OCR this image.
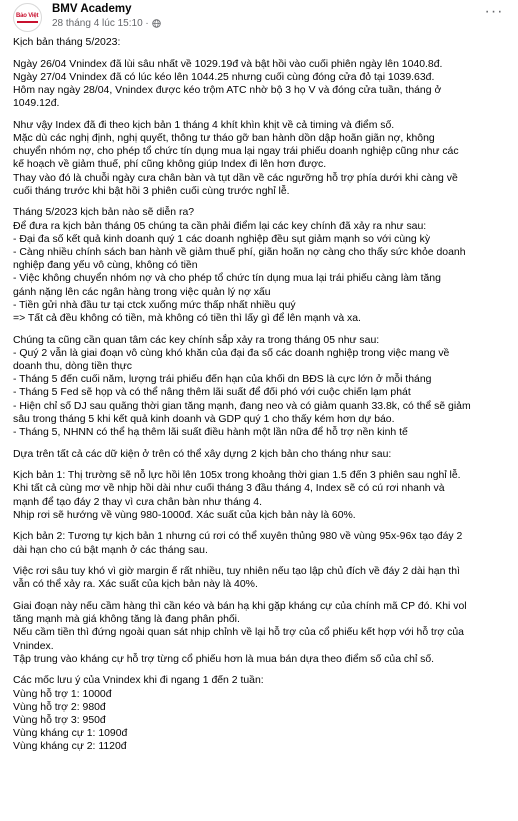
Bảo Việt
BMV Academy
28 tháng 4 lúc 15:10 ·
···
Kịch bản tháng 5/2023:
Ngày 26/04 Vnindex đã lùi sâu nhất về 1029.19đ và bật hồi vào cuối phiên ngày lên 1040.8đ.
Ngày 27/04 Vnindex đã có lúc kéo lên 1044.25 nhưng cuối cùng đóng cửa đỏ tại 1039.63đ.
Hôm nay ngày 28/04, Vnindex được kéo trộm ATC nhờ bộ 3 họ V và đóng cửa tuần, tháng ở
1049.12đ.
Như vậy Index đã đi theo kịch bản 1 tháng 4 khít khìn khịt về cả timing và điểm số.
Mặc dù các nghị định, nghị quyết, thông tư tháo gỡ ban hành dồn dập hoãn giãn nợ, không
chuyển nhóm nợ, cho phép tổ chức tín dụng mua lại ngay trái phiếu doanh nghiệp cũng như các
kế hoạch về giảm thuế, phí cũng không giúp Index đi lên hơn được.
Thay vào đó là chuỗi ngày cưa chân bàn và tụt dần về các ngưỡng hỗ trợ phía dưới khi càng về
cuối tháng trước khi bật hồi 3 phiên cuối cùng trước nghỉ lễ.
Tháng 5/2023 kịch bản nào sẽ diễn ra?
Để đưa ra kịch bản tháng 05 chúng ta cần phải điểm lại các key chính đã xảy ra như sau:
- Đại đa số kết quả kinh doanh quý 1 các doanh nghiệp đều sụt giảm mạnh so với cùng kỳ
- Càng nhiều chính sách ban hành về giảm thuế phí, giãn hoãn nợ càng cho thấy sức khỏe doanh
nghiệp đang yếu vô cùng, không có tiền
- Việc không chuyển nhóm nợ và cho phép tổ chức tín dụng mua lại trái phiếu càng làm tăng
gánh nặng lên các ngân hàng trong việc quản lý nợ xấu
- Tiền gửi nhà đầu tư tại ctck xuống mức thấp nhất nhiều quý
=> Tất cả đều không có tiền, mà không có tiền thì lấy gì để lên mạnh và xa.
Chúng ta cũng cần quan tâm các key chính sắp xảy ra trong tháng 05 như sau:
- Quý 2 vẫn là giai đoạn vô cùng khó khăn của đại đa số các doanh nghiệp trong việc mang về
doanh thu, dòng tiền thực
- Tháng 5 đến cuối năm, lượng trái phiếu đến hạn của khối dn BĐS là cực lớn ở mỗi tháng
- Tháng 5 Fed sẽ họp và có thể nâng thêm lãi suất để đối phó với cuộc chiến lạm phát
- Hiện chỉ số DJ sau quãng thời gian tăng mạnh, đang neo và có giảm quanh 33.8k, có thể sẽ giảm
sâu trong tháng 5 khi kết quả kinh doanh và GDP quý 1 cho thấy kém hơn dự báo.
- Tháng 5, NHNN có thể hạ thêm lãi suất điều hành một lần nữa để hỗ trợ nền kinh tế
Dựa trên tất cả các dữ kiện ở trên có thể xây dựng 2 kịch bản cho tháng như sau:
Kịch bản 1: Thị trường sẽ nỗ lực hồi lên 105x trong khoảng thời gian 1.5 đến 3 phiên sau nghỉ lễ.
Khi tất cả cùng mơ về nhịp hồi dài như cuối tháng 3 đầu tháng 4, Index sẽ có cú rơi nhanh và
mạnh để tạo đáy 2 thay vì cưa chân bàn như tháng 4.
Nhịp rơi sẽ hướng về vùng 980-1000đ. Xác suất của kịch bản này là 60%.
Kịch bản 2: Tương tự kịch bản 1 nhưng cú rơi có thể xuyên thủng 980 về vùng 95x-96x tạo đáy 2
dài hạn cho cú bật mạnh ở các tháng sau.
Việc rơi sâu tuy khó vì giờ margin ế rất nhiều, tuy nhiên nếu tạo lập chủ đích về đáy 2 dài hạn thì
vẫn có thể xảy ra. Xác suất của kịch bản này là 40%.
Giai đoạn này nếu cầm hàng thì cần kéo và bán hạ khi gặp kháng cự của chính mã CP đó. Khi vol
tăng mạnh mà giá không tăng là đang phân phối.
Nếu cầm tiền thì đứng ngoài quan sát nhịp chỉnh về lại hỗ trợ của cổ phiếu kết hợp với hỗ trợ của
Vnindex.
Tập trung vào kháng cự hỗ trợ từng cổ phiếu hơn là mua bán dựa theo điểm số của chỉ số.
Các mốc lưu ý của Vnindex khi đi ngang 1 đến 2 tuần:
Vùng hỗ trợ 1: 1000đ
Vùng hỗ trợ 2: 980đ
Vùng hỗ trợ 3: 950đ
Vùng kháng cự 1: 1090đ
Vùng kháng cự 2: 1120đ
